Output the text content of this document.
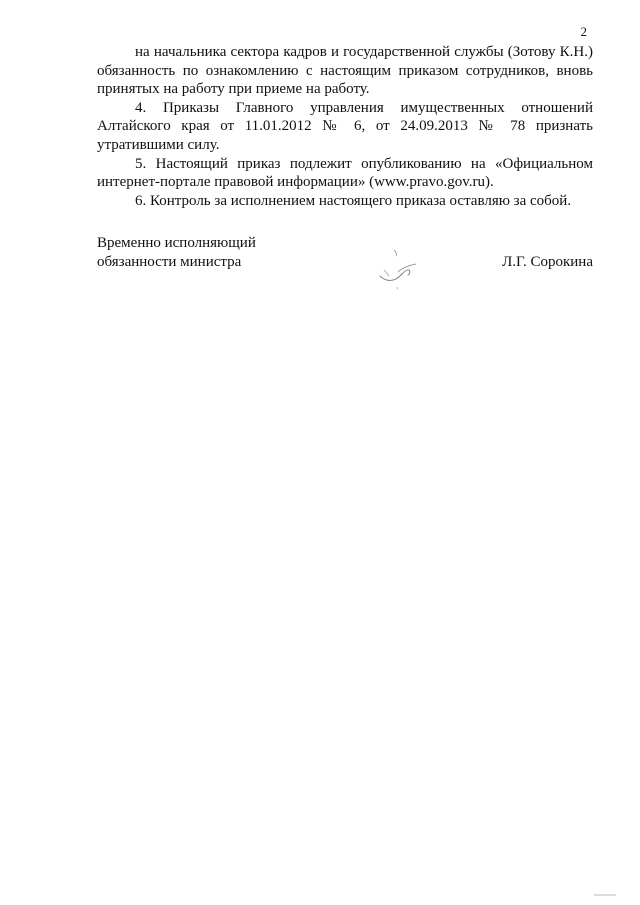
2

на начальника сектора кадров и государственной службы (Зотову К.Н.) обязанность по ознакомлению с настоящим приказом сотрудников, вновь принятых на работу при приеме на работу.

4. Приказы Главного управления имущественных отношений Алтайского края от 11.01.2012 № 6, от 24.09.2013 № 78 признать утратившими силу.

5. Настоящий приказ подлежит опубликованию на «Официальном интернет-портале правовой информации» (www.pravo.gov.ru).

6. Контроль за исполнением настоящего приказа оставляю за собой.

Временно исполняющий
обязанности министра	Л.Г. Сорокина
